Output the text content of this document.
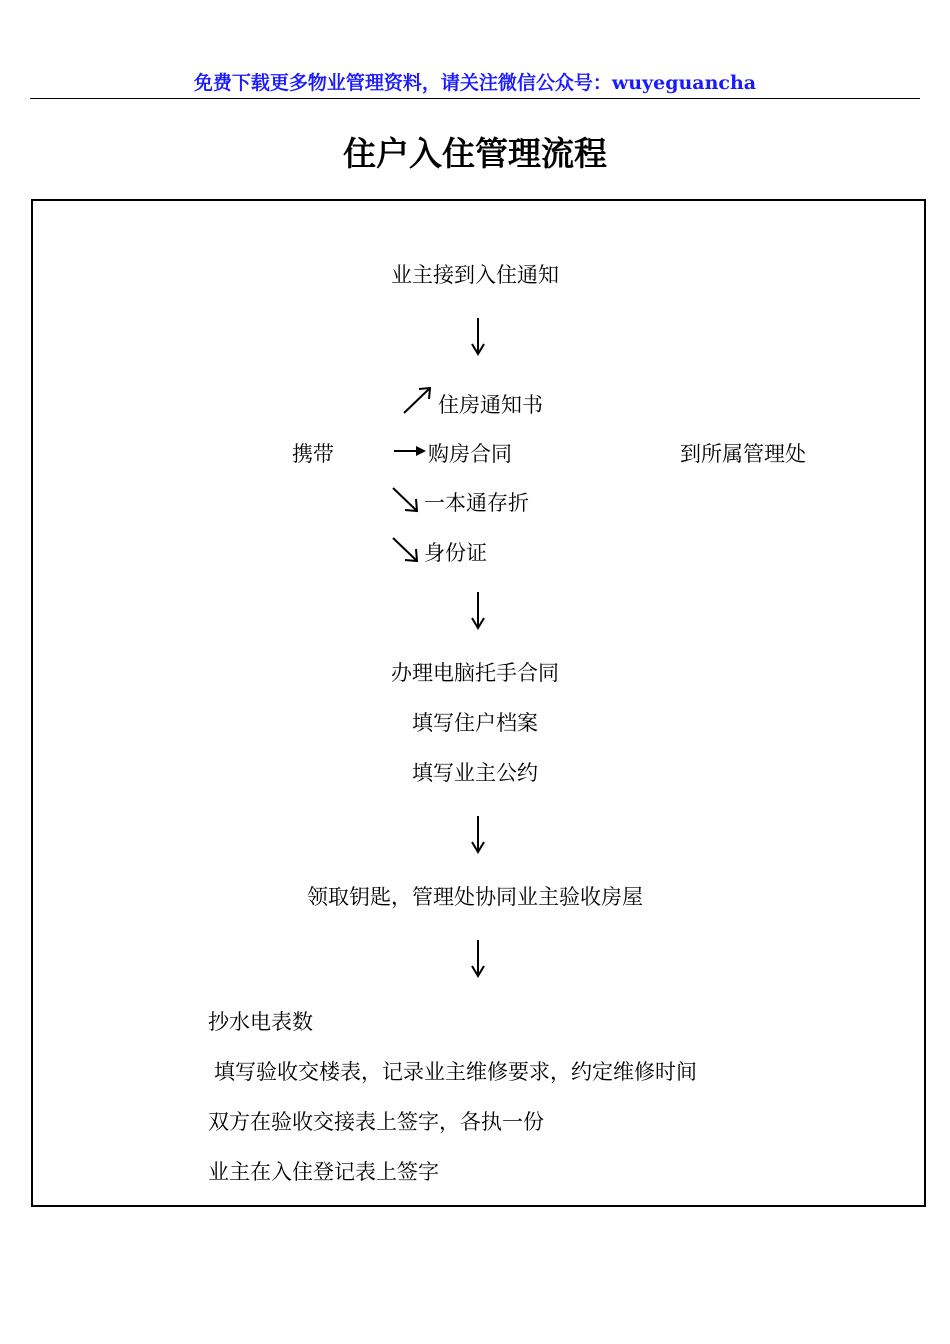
免费下载更多物业管理资料，请关注微信公众号：wuyeguancha
住户入住管理流程
业主接到入住通知
携带
住房通知书
购房合同
一本通存折
身份证
到所属管理处
办理电脑托手合同
填写住户档案
填写业主公约
领取钥匙，管理处协同业主验收房屋
抄水电表数
填写验收交楼表，记录业主维修要求，约定维修时间
双方在验收交接表上签字，各执一份
业主在入住登记表上签字
